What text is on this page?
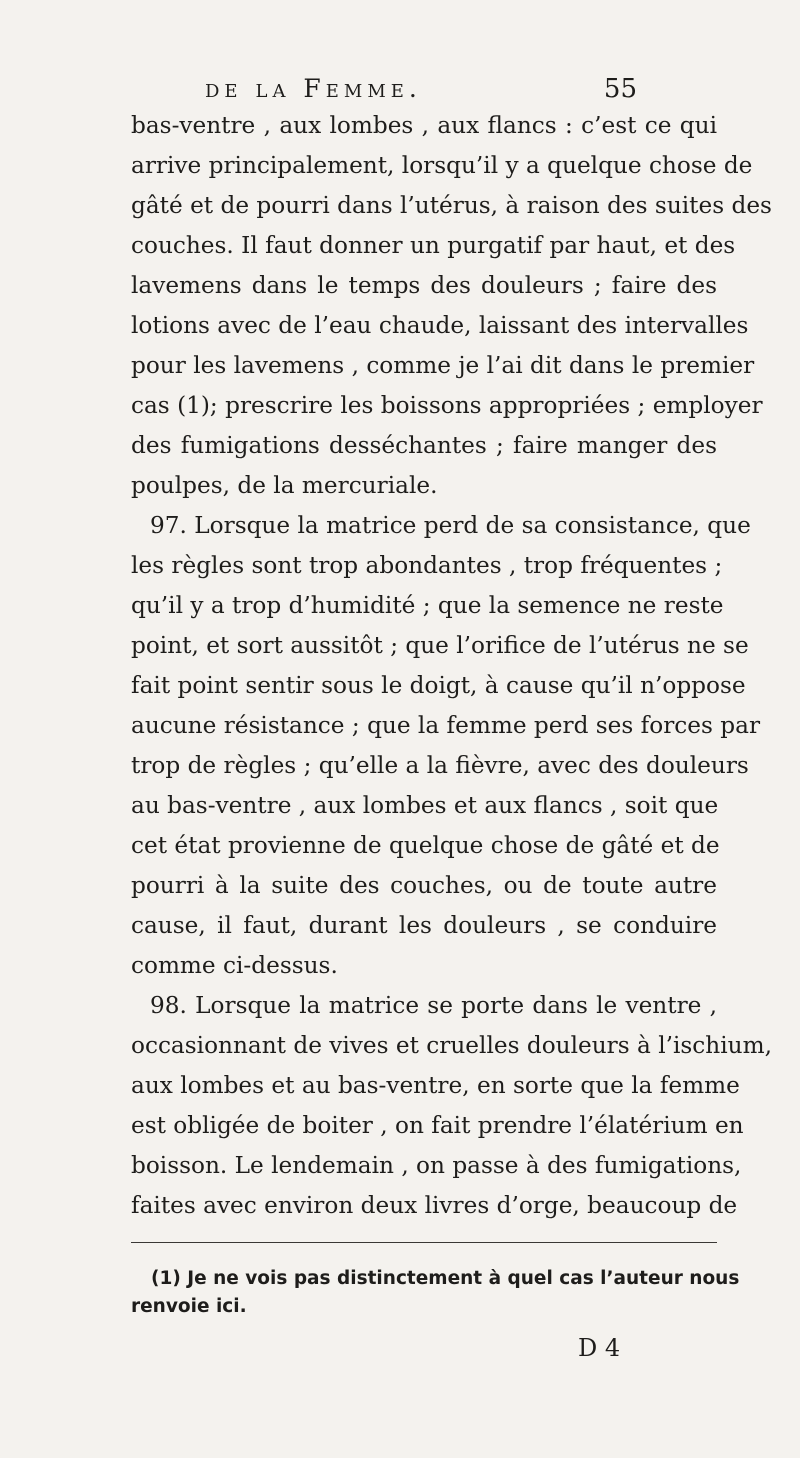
de la Femme.	55
bas-ventre , aux lombes , aux flancs : c’est ce qui
arrive principalement, lorsqu’il y a quelque chose de
gâté et de pourri dans l’utérus, à raison des suites des
couches. Il faut donner un purgatif par haut, et des
lavemens dans le temps des douleurs ; faire des
lotions avec de l’eau chaude, laissant des intervalles
pour les lavemens , comme je l’ai dit dans le premier
cas (1); prescrire les boissons appropriées ; employer
des fumigations desséchantes ; faire manger des
poulpes, de la mercuriale.
97. Lorsque la matrice perd de sa consistance, que
les règles sont trop abondantes , trop fréquentes ;
qu’il y a trop d’humidité ; que la semence ne reste
point, et sort aussitôt ; que l’orifice de l’utérus ne se
fait point sentir sous le doigt, à cause qu’il n’oppose
aucune résistance ; que la femme perd ses forces par
trop de règles ; qu’elle a la fièvre, avec des douleurs
au bas-ventre , aux lombes et aux flancs , soit que
cet état provienne de quelque chose de gâté et de
pourri à la suite des couches, ou de toute autre
cause, il faut, durant les douleurs , se conduire
comme ci-dessus.
98. Lorsque la matrice se porte dans le ventre ,
occasionnant de vives et cruelles douleurs à l’ischium,
aux lombes et au bas-ventre, en sorte que la femme
est obligée de boiter , on fait prendre l’élatérium en
boisson. Le lendemain , on passe à des fumigations,
faites avec environ deux livres d’orge, beaucoup de
(1) Je ne vois pas distinctement à quel cas l’auteur nous
renvoie ici.
D 4
